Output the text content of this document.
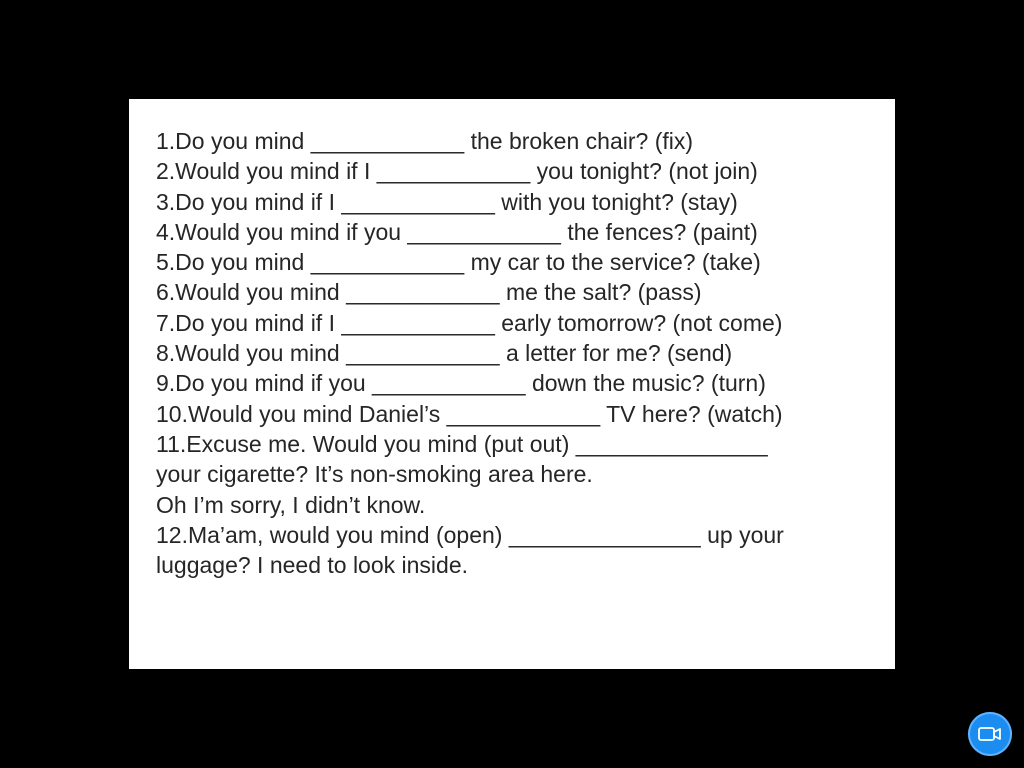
1.Do you mind ____________ the broken chair? (fix)
2.Would you mind if I ____________ you tonight? (not join)
3.Do you mind if I ____________ with you tonight? (stay)
4.Would you mind if you ____________ the fences? (paint)
5.Do you mind ____________ my car to the service? (take)
6.Would you mind ____________ me the salt? (pass)
7.Do you mind if I ____________ early tomorrow? (not come)
8.Would you mind ____________ a letter for me? (send)
9.Do you mind if you ____________ down the music? (turn)
10.Would you mind Daniel’s ____________ TV here? (watch)
11.Excuse me. Would you mind (put out) _______________
your cigarette? It’s non-smoking area here.
Oh I’m sorry, I didn’t know.
12.Ma’am, would you mind (open) _______________ up your
luggage? I need to look inside.
